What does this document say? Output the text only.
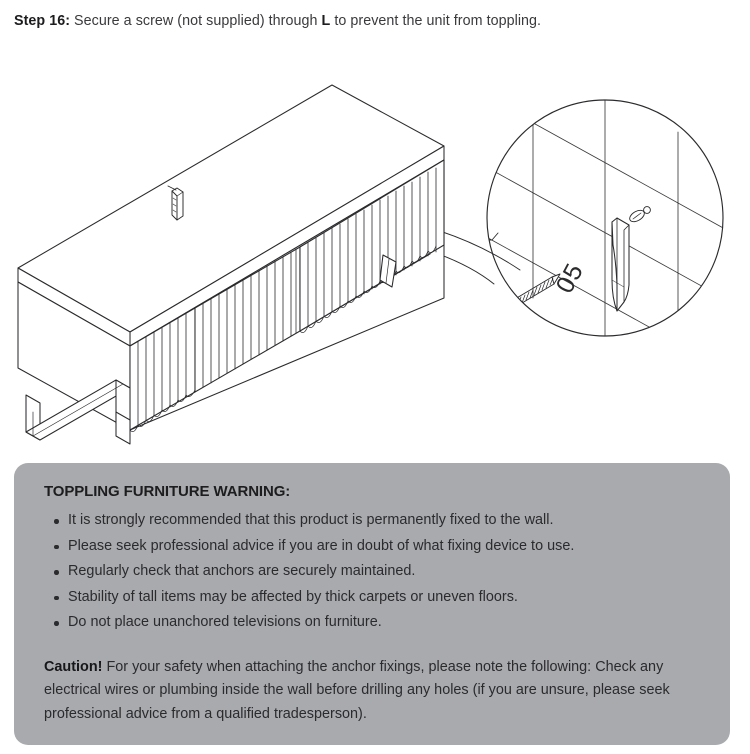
Step 16: Secure a screw (not supplied) through L to prevent the unit from toppling.
05
TOPPLING FURNITURE WARNING:
It is strongly recommended that this product is permanently fixed to the wall.
Please seek professional advice if you are in doubt of what fixing device to use.
Regularly check that anchors are securely maintained.
Stability of tall items may be affected by thick carpets or uneven floors.
Do not place unanchored televisions on furniture.
Caution! For your safety when attaching the anchor fixings, please note the following: Check any electrical wires or plumbing inside the wall before drilling any holes (if you are unsure, please seek professional advice from a qualified tradesperson).
